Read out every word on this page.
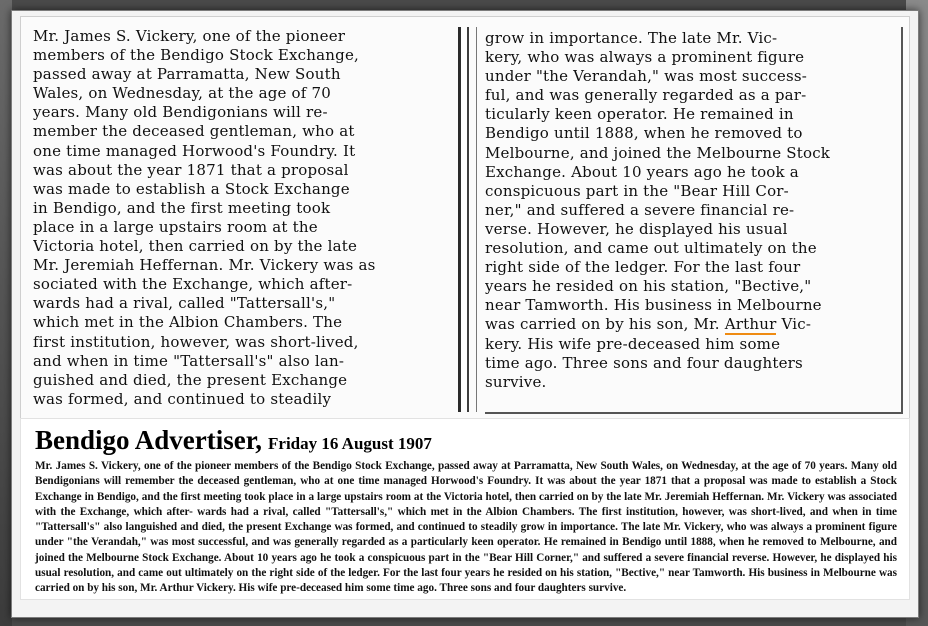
Mr. James S. Vickery, one of the pioneer
members of the Bendigo Stock Exchange,
passed away at Parramatta, New South
Wales, on Wednesday, at the age of 70
years. Many old Bendigonians will re-
member the deceased gentleman, who at
one time managed Horwood's Foundry. It
was about the year 1871 that a proposal
was made to establish a Stock Exchange
in Bendigo, and the first meeting took
place in a large upstairs room at the
Victoria hotel, then carried on by the late
Mr. Jeremiah Heffernan. Mr. Vickery was as
sociated with the Exchange, which after-
wards had a rival, called "Tattersall's,"
which met in the Albion Chambers. The
first institution, however, was short-lived,
and when in time "Tattersall's" also lan-
guished and died, the present Exchange
was formed, and continued to steadily
grow in importance. The late Mr. Vic-
kery, who was always a prominent figure
under "the Verandah," was most success-
ful, and was generally regarded as a par-
ticularly keen operator. He remained in
Bendigo until 1888, when he removed to
Melbourne, and joined the Melbourne Stock
Exchange. About 10 years ago he took a
conspicuous part in the "Bear Hill Cor-
ner," and suffered a severe financial re-
verse. However, he displayed his usual
resolution, and came out ultimately on the
right side of the ledger. For the last four
years he resided on his station, "Bective,"
near Tamworth. His business in Melbourne
was carried on by his son, Mr. Arthur Vic-
kery. His wife pre-deceased him some
time ago. Three sons and four daughters
survive.
Bendigo Advertiser, Friday 16 August 1907
Mr. James S. Vickery, one of the pioneer members of the Bendigo Stock Exchange, passed away at Parramatta, New South Wales, on Wednesday, at the age of 70 years. Many old Bendigonians will remember the deceased gentleman, who at one time managed Horwood's Foundry. It was about the year 1871 that a proposal was made to establish a Stock Exchange in Bendigo, and the first meeting took place in a large upstairs room at the Victoria hotel, then carried on by the late Mr. Jeremiah Heffernan. Mr. Vickery was associated with the Exchange, which after- wards had a rival, called "Tattersall's," which met in the Albion Chambers. The first institution, however, was short-lived, and when in time "Tattersall's" also languished and died, the present Exchange was formed, and continued to steadily grow in importance. The late Mr. Vickery, who was always a prominent figure under "the Verandah," was most successful, and was generally regarded as a particularly keen operator. He remained in Bendigo until 1888, when he removed to Melbourne, and joined the Melbourne Stock Exchange. About 10 years ago he took a conspicuous part in the "Bear Hill Corner," and suffered a severe financial reverse. However, he displayed his usual resolution, and came out ultimately on the right side of the ledger. For the last four years he resided on his station, "Bective," near Tamworth. His business in Melbourne was carried on by his son, Mr. Arthur Vickery. His wife pre-deceased him some time ago. Three sons and four daughters survive.
